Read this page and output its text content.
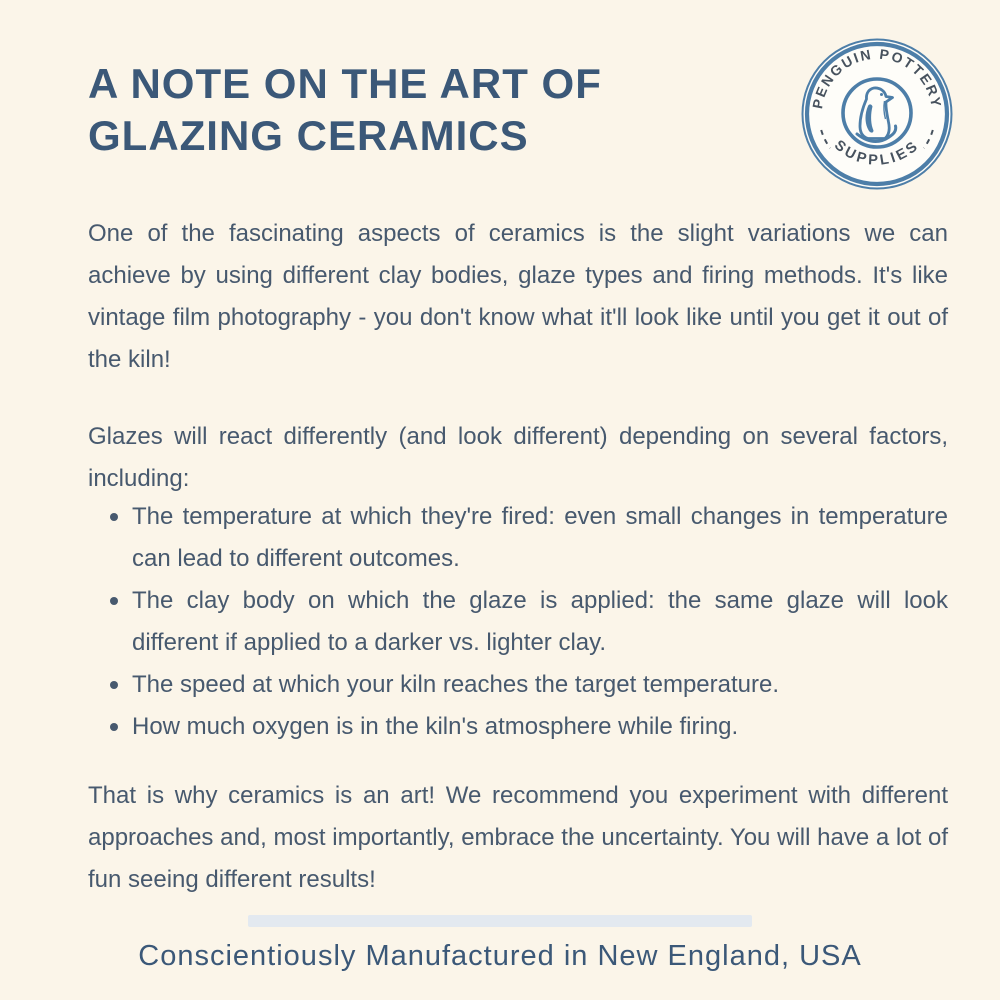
A NOTE ON THE ART OF
GLAZING CERAMICS
PENGUIN POTTERY
SUPPLIES

One of the fascinating aspects of ceramics is the slight variations we can achieve by using different clay bodies, glaze types and firing methods. It's like vintage film photography - you don't know what it'll look like until you get it out of the kiln!

Glazes will react differently (and look different) depending on several factors, including:

The temperature at which they're fired: even small changes in temperature can lead to different outcomes.
The clay body on which the glaze is applied: the same glaze will look different if applied to a darker vs. lighter clay.
The speed at which your kiln reaches the target temperature.
How much oxygen is in the kiln's atmosphere while firing.

That is why ceramics is an art! We recommend you experiment with different approaches and, most importantly, embrace the uncertainty. You will have a lot of fun seeing different results!

Conscientiously Manufactured in New England, USA
